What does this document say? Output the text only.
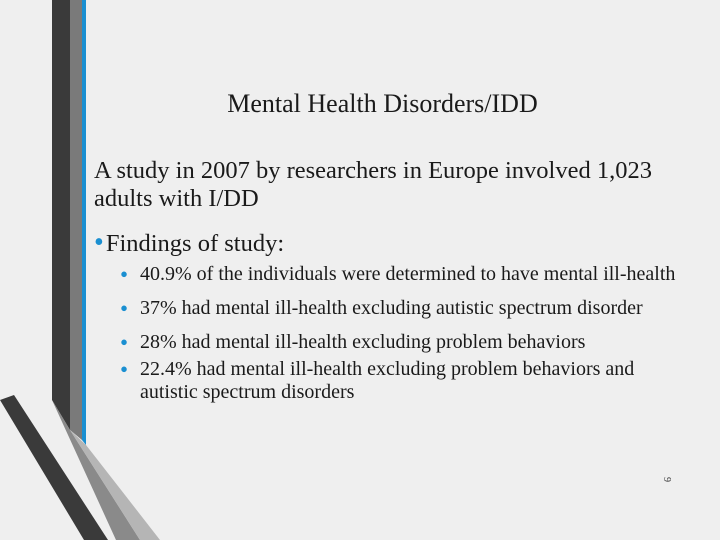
Mental Health Disorders/IDD
A study in 2007 by researchers in Europe involved 1,023 adults with I/DD
•Findings of study:
• 40.9% of the individuals were determined to have mental ill-health
• 37% had mental ill-health excluding autistic spectrum disorder
• 28% had mental ill-health excluding problem behaviors
• 22.4% had mental ill-health excluding problem behaviors and autistic spectrum disorders
9
